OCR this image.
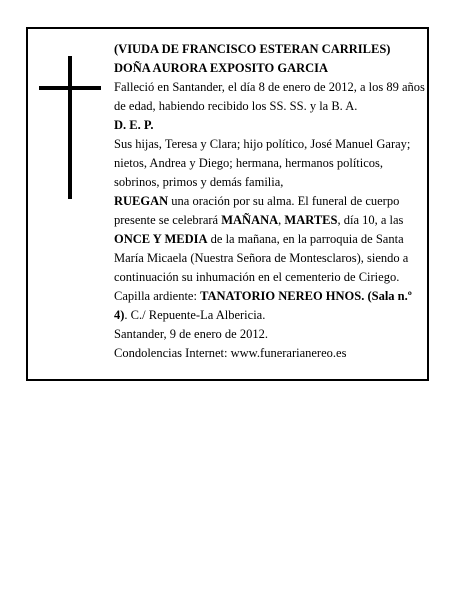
(VIUDA DE FRANCISCO ESTERAN CARRILES)

DOÑA AURORA EXPOSITO GARCIA

Falleció en Santander, el día 8 de enero de 2012, a los 89 años de edad, habiendo recibido los SS. SS. y la B. A.

D. E. P.

Sus hijas, Teresa y Clara; hijo político, José Manuel Garay; nietos, Andrea y Diego; hermana, hermanos políticos, sobrinos, primos y demás familia,

RUEGAN una oración por su alma. El funeral de cuerpo presente se celebrará MAÑANA, MARTES, día 10, a las ONCE Y MEDIA de la mañana, en la parroquia de Santa María Micaela (Nuestra Señora de Montesclaros), siendo a continuación su inhumación en el cementerio de Ciriego.

Capilla ardiente: TANATORIO NEREO HNOS. (Sala n.º 4). C./ Repuente-La Albericia.

Santander, 9 de enero de 2012.

Condolencias Internet: www.funerarianereo.es
